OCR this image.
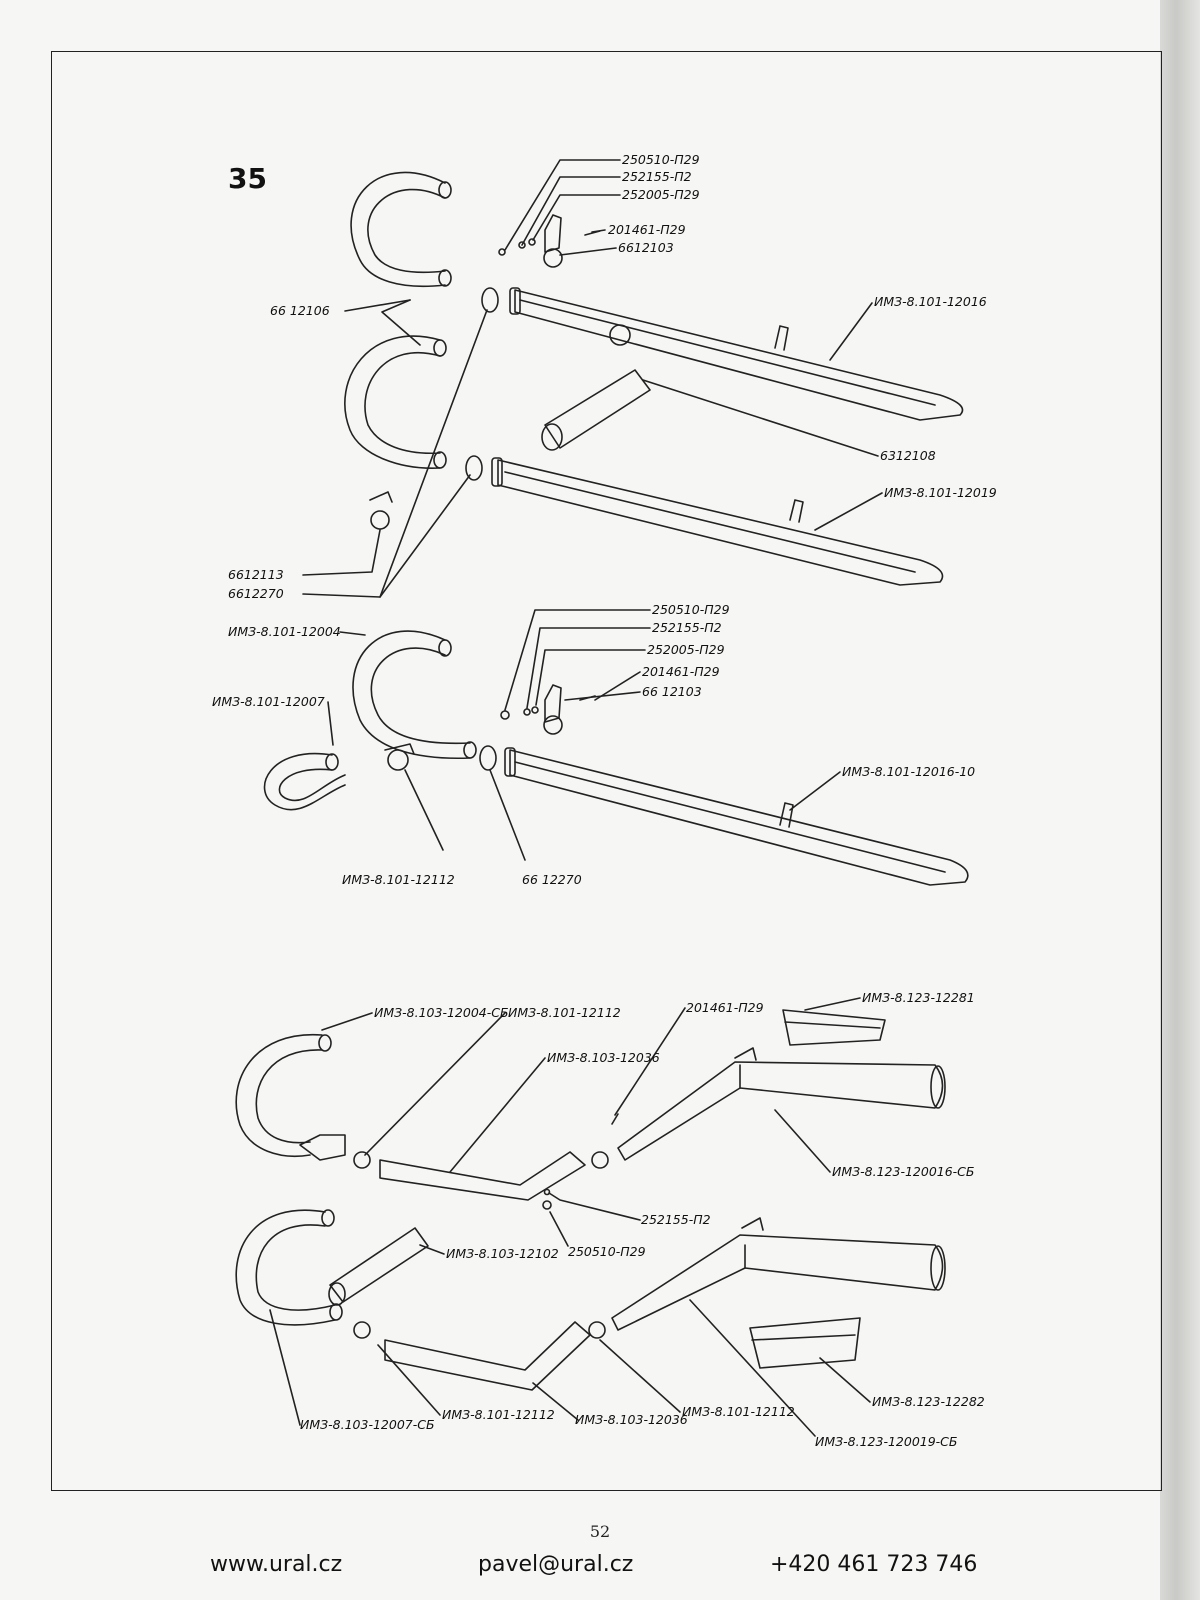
35
250510-П29
252155-П2
252005-П29
201461-П29
6612103
66 12106
ИМЗ-8.101-12016
6312108
ИМЗ-8.101-12019
6612113
6612270
250510-П29
252155-П2
252005-П29
201461-П29
66 12103
ИМЗ-8.101-12004
ИМЗ-8.101-12007
ИМЗ-8.101-12016-10
ИМЗ-8.101-12112	66 12270
ИМЗ-8.103-12004-СБ ИМЗ-8.101-12112
ИМЗ-8.103-12036
201461-П29
ИМЗ-8.123-12281
ИМЗ-8.123-120016-СБ
252155-П2
250510-П29
ИМЗ-8.103-12102
ИМЗ-8.123-12282
ИМЗ-8.103-12007-СБ
ИМЗ-8.101-12112 ИМЗ-8.103-12036
ИМЗ-8.101-12112
ИМЗ-8.123-120019-СБ
52
www.ural.cz	pavel@ural.cz	+420 461 723 746
